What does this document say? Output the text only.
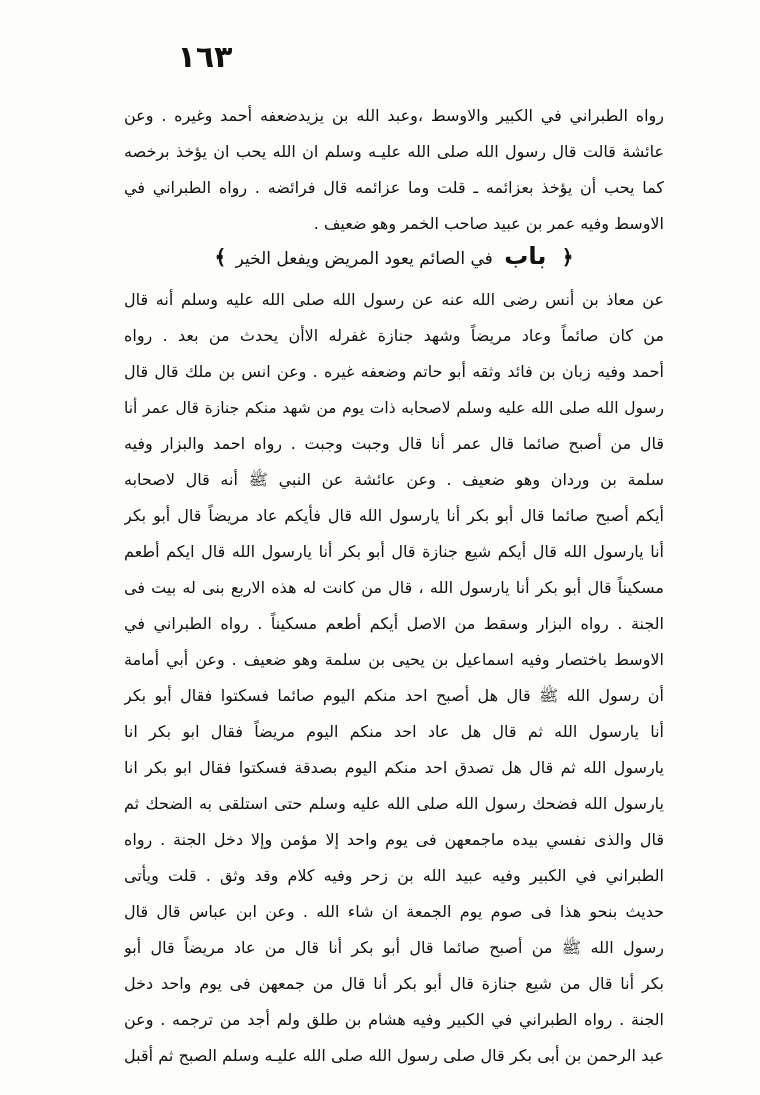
١٦٣
رواه الطبراني في الكبير والاوسط ،وعبد الله بن يزيدضعفه أحمد وغيره . وعن
عائشة قالت قال رسول الله صلى الله عليـه وسلم ان الله يحب ان يؤخذ برخصه
كما يحب أن يؤخذ بعزائمه ـ قلت وما عزائمه قال فرائضه . رواه الطبراني في
الاوسط وفيه عمر بن عبيد صاحب الخمر وهو ضعيف .
﴿ باب في الصائم يعود المريض ويفعل الخير ﴾
عن معاذ بن أنس رضى الله عنه عن رسول الله صلى الله عليه وسلم أنه قال
من كان صائماً وعاد مريضاً وشهد جنازة غفرله الاأن يحدث من بعد . رواه
أحمد وفيه زبان بن فائد وثقه أبو حاتم وضعفه غيره . وعن انس بن ملك قال قال
رسول الله صلى الله عليه وسلم لاصحابه ذات يوم من شهد منكم جنازة قال عمر أنا
قال من أصبح صائما قال عمر أنا قال وجبت وجبت . رواه احمد والبزار وفيه
سلمة بن وردان وهو ضعيف . وعن عائشة عن النبي ﷺ أنه قال لاصحابه
أيكم أصبح صائما قال أبو بكر أنا يارسول الله قال فأيكم عاد مريضاً قال أبو بكر
أنا يارسول الله قال أيكم شيع جنازة قال أبو بكر أنا يارسول الله قال ايكم أطعم
مسكيناً قال أبو بكر أنا يارسول الله ، قال من كانت له هذه الاربع بنى له بيت فى
الجنة . رواه البزار وسقط من الاصل أيكم أطعم مسكيناً . رواه الطبراني في
الاوسط باختصار وفيه اسماعيل بن يحيى بن سلمة وهو ضعيف . وعن أبي أمامة
أن رسول الله ﷺ قال هل أصبح احد منكم اليوم صائما فسكتوا فقال أبو بكر
أنا يارسول الله ثم قال هل عاد احد منكم اليوم مريضاً فقال ابو بكر انا
يارسول الله ثم قال هل تصدق احد منكم اليوم بصدقة فسكتوا فقال ابو بكر انا
يارسول الله فضحك رسول الله صلى الله عليه وسلم حتى استلقى به الضحك ثم
قال والذى نفسي بيده ماجمعهن فى يوم واحد إلا مؤمن وإلا دخل الجنة . رواه
الطبراني في الكبير وفيه عبيد الله بن زحر وفيه كلام وقد وثق . قلت ويأتى
حديث بنحو هذا فى صوم يوم الجمعة ان شاء الله . وعن ابن عباس قال قال
رسول الله ﷺ من أصبح صائما قال أبو بكر أنا قال من عاد مريضاً قال أبو
بكر أنا قال من شيع جنازة قال أبو بكر أنا قال من جمعهن فى يوم واحد دخل
الجنة . رواه الطبراني في الكبير وفيه هشام بن طلق ولم أجد من ترجمه . وعن
عبد الرحمن بن أبى بكر قال صلى رسول الله صلى الله عليـه وسلم الصبح ثم أقبل
